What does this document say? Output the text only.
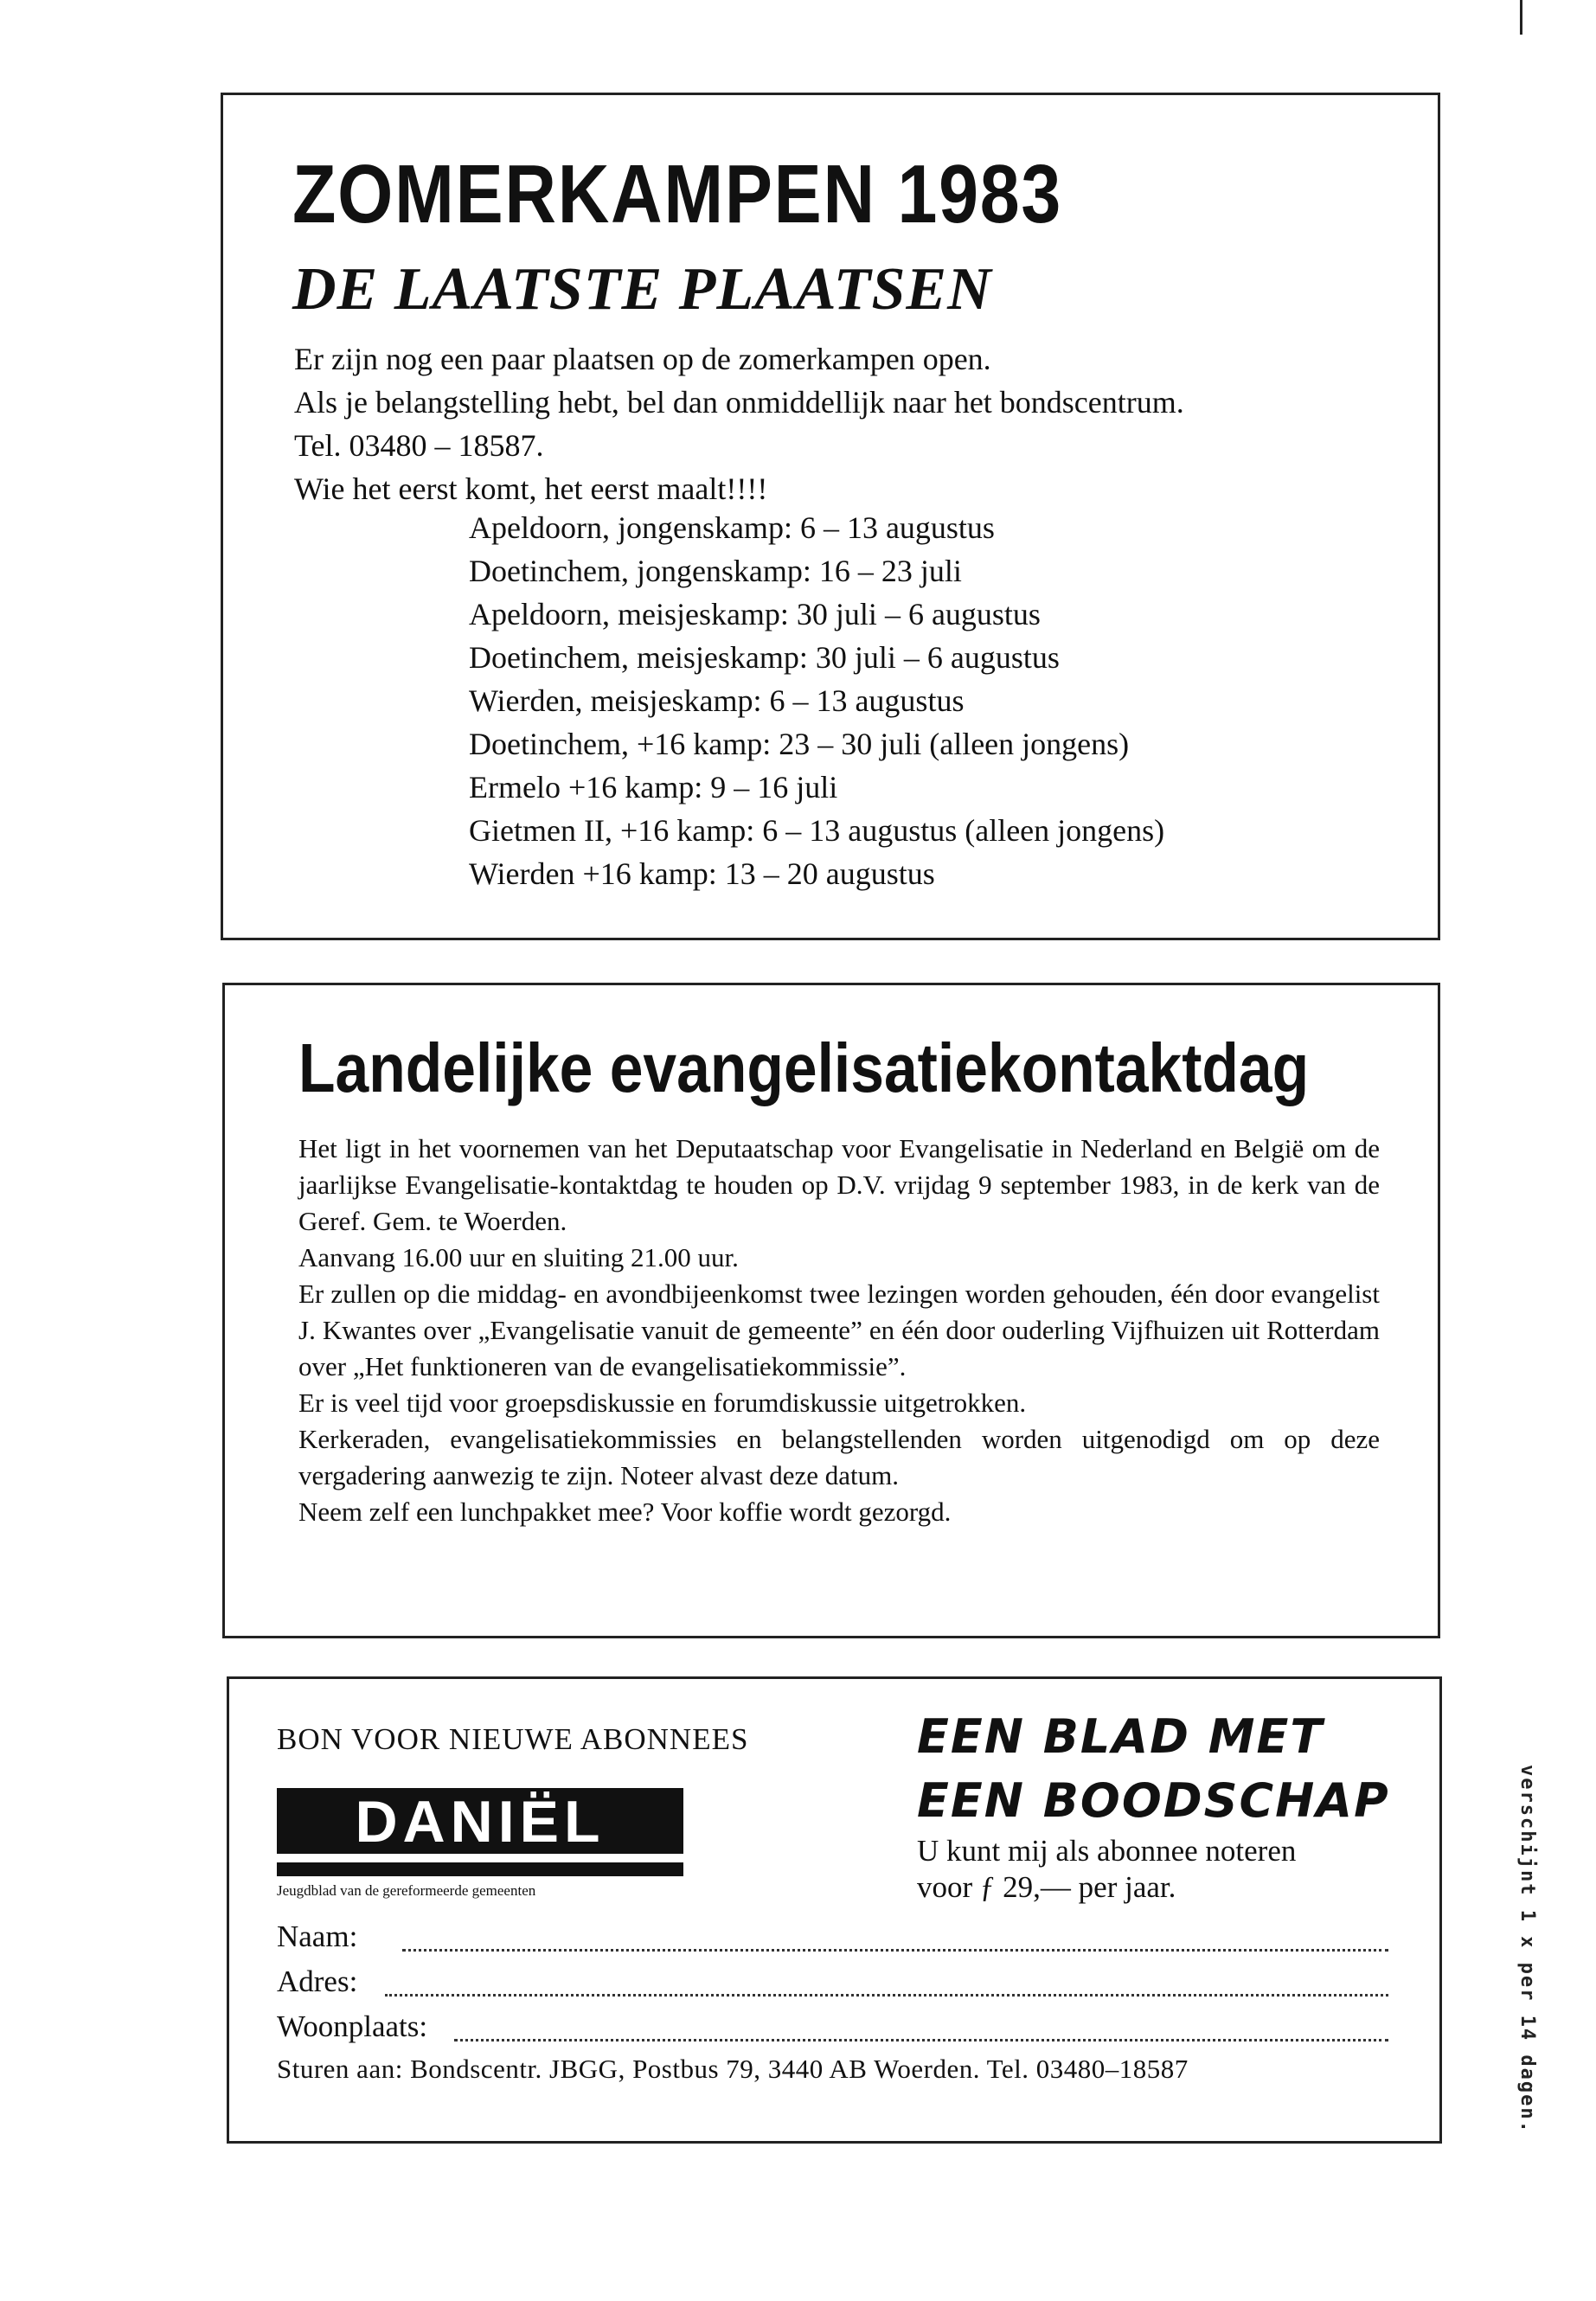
verschijnt 1 x per 14 dagen.
ZOMERKAMPEN 1983
DE LAATSTE PLAATSEN

Er zijn nog een paar plaatsen op de zomerkampen open.

Als je belangstelling hebt, bel dan onmiddellijk naar het bondscentrum.

Tel. 03480 – 18587.

Wie het eerst komt, het eerst maalt!!!!

Apeldoorn, jongenskamp: 6 – 13 augustus
Doetinchem, jongenskamp: 16 – 23 juli
Apeldoorn, meisjeskamp: 30 juli – 6 augustus
Doetinchem, meisjeskamp: 30 juli – 6 augustus
Wierden, meisjeskamp: 6 – 13 augustus
Doetinchem, +16 kamp: 23 – 30 juli (alleen jongens)
Ermelo +16 kamp: 9 – 16 juli
Gietmen II, +16 kamp: 6 – 13 augustus (alleen jongens)
Wierden +16 kamp: 13 – 20 augustus
Landelijke evangelisatiekontaktdag

Het ligt in het voornemen van het Deputaatschap voor Evangelisatie in Nederland en België om de jaarlijkse Evangelisatie-kontaktdag te houden op D.V. vrijdag 9 september 1983, in de kerk van de Geref. Gem. te Woerden.

Aanvang 16.00 uur en sluiting 21.00 uur.

Er zullen op die middag- en avondbijeenkomst twee lezingen worden gehouden, één door evangelist J. Kwantes over „Evangelisatie vanuit de gemeente” en één door ouderling Vijfhuizen uit Rotterdam over „Het funktioneren van de evangelisatiekommissie”.

Er is veel tijd voor groepsdiskussie en forumdiskussie uitgetrokken.

Kerkeraden, evangelisatiekommissies en belangstellenden worden uitgenodigd om op deze vergadering aanwezig te zijn. Noteer alvast deze datum.

Neem zelf een lunchpakket mee? Voor koffie wordt gezorgd.

BON VOOR NIEUWE ABONNEES
DANIËL
Jeugdblad van de gereformeerde gemeenten
EEN BLAD MET
EEN BOODSCHAP
U kunt mij als abonnee noteren
voor ƒ 29,— per jaar.
Naam:
Adres:
Woonplaats:
Sturen aan: Bondscentr. JBGG, Postbus 79, 3440 AB Woerden. Tel. 03480–18587
